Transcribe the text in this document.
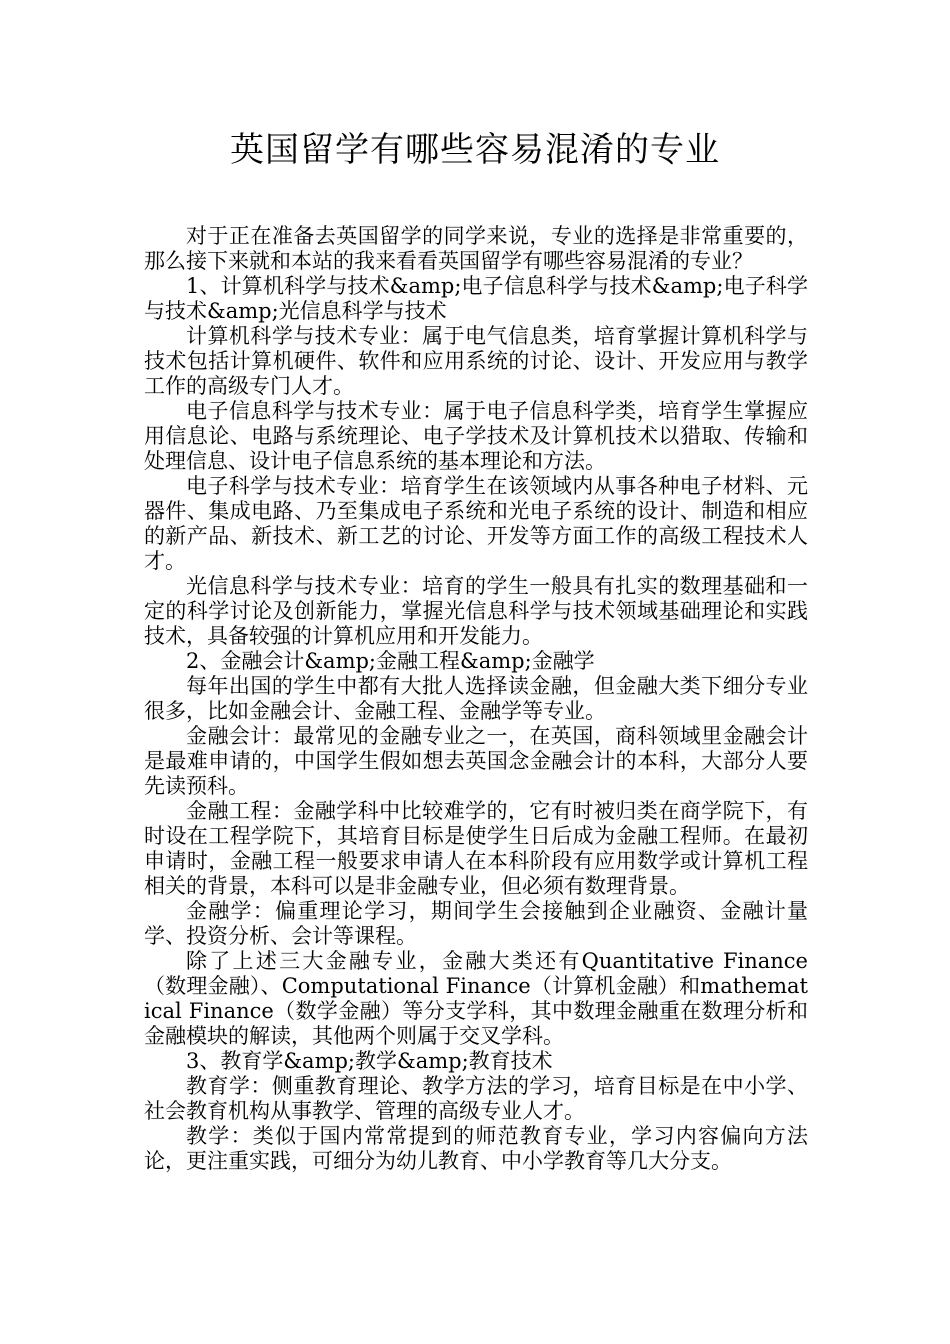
英国留学有哪些容易混淆的专业

对于正在准备去英国留学的同学来说，专业的选择是非常重要的，那么接下来就和本站的我来看看英国留学有哪些容易混淆的专业？

1、计算机科学与技术&amp;电子信息科学与技术&amp;电子科学与技术&amp;光信息科学与技术

计算机科学与技术专业：属于电气信息类，培育掌握计算机科学与技术包括计算机硬件、软件和应用系统的讨论、设计、开发应用与教学工作的高级专门人才。

电子信息科学与技术专业：属于电子信息科学类，培育学生掌握应用信息论、电路与系统理论、电子学技术及计算机技术以猎取、传输和处理信息、设计电子信息系统的基本理论和方法。

电子科学与技术专业：培育学生在该领域内从事各种电子材料、元器件、集成电路、乃至集成电子系统和光电子系统的设计、制造和相应的新产品、新技术、新工艺的讨论、开发等方面工作的高级工程技术人才。

光信息科学与技术专业：培育的学生一般具有扎实的数理基础和一定的科学讨论及创新能力，掌握光信息科学与技术领域基础理论和实践技术，具备较强的计算机应用和开发能力。

2、金融会计&amp;金融工程&amp;金融学

每年出国的学生中都有大批人选择读金融，但金融大类下细分专业很多，比如金融会计、金融工程、金融学等专业。

金融会计：最常见的金融专业之一，在英国，商科领域里金融会计是最难申请的，中国学生假如想去英国念金融会计的本科，大部分人要先读预科。

金融工程：金融学科中比较难学的，它有时被归类在商学院下，有时设在工程学院下，其培育目标是使学生日后成为金融工程师。在最初申请时，金融工程一般要求申请人在本科阶段有应用数学或计算机工程相关的背景，本科可以是非金融专业，但必须有数理背景。

金融学：偏重理论学习，期间学生会接触到企业融资、金融计量学、投资分析、会计等课程。

除了上述三大金融专业，金融大类还有Quantitative Finance（数理金融）、Computational Finance（计算机金融）和mathematical Finance（数学金融）等分支学科，其中数理金融重在数理分析和金融模块的解读，其他两个则属于交叉学科。

3、教育学&amp;教学&amp;教育技术

教育学：侧重教育理论、教学方法的学习，培育目标是在中小学、社会教育机构从事教学、管理的高级专业人才。

教学：类似于国内常常提到的师范教育专业，学习内容偏向方法论，更注重实践，可细分为幼儿教育、中小学教育等几大分支。
